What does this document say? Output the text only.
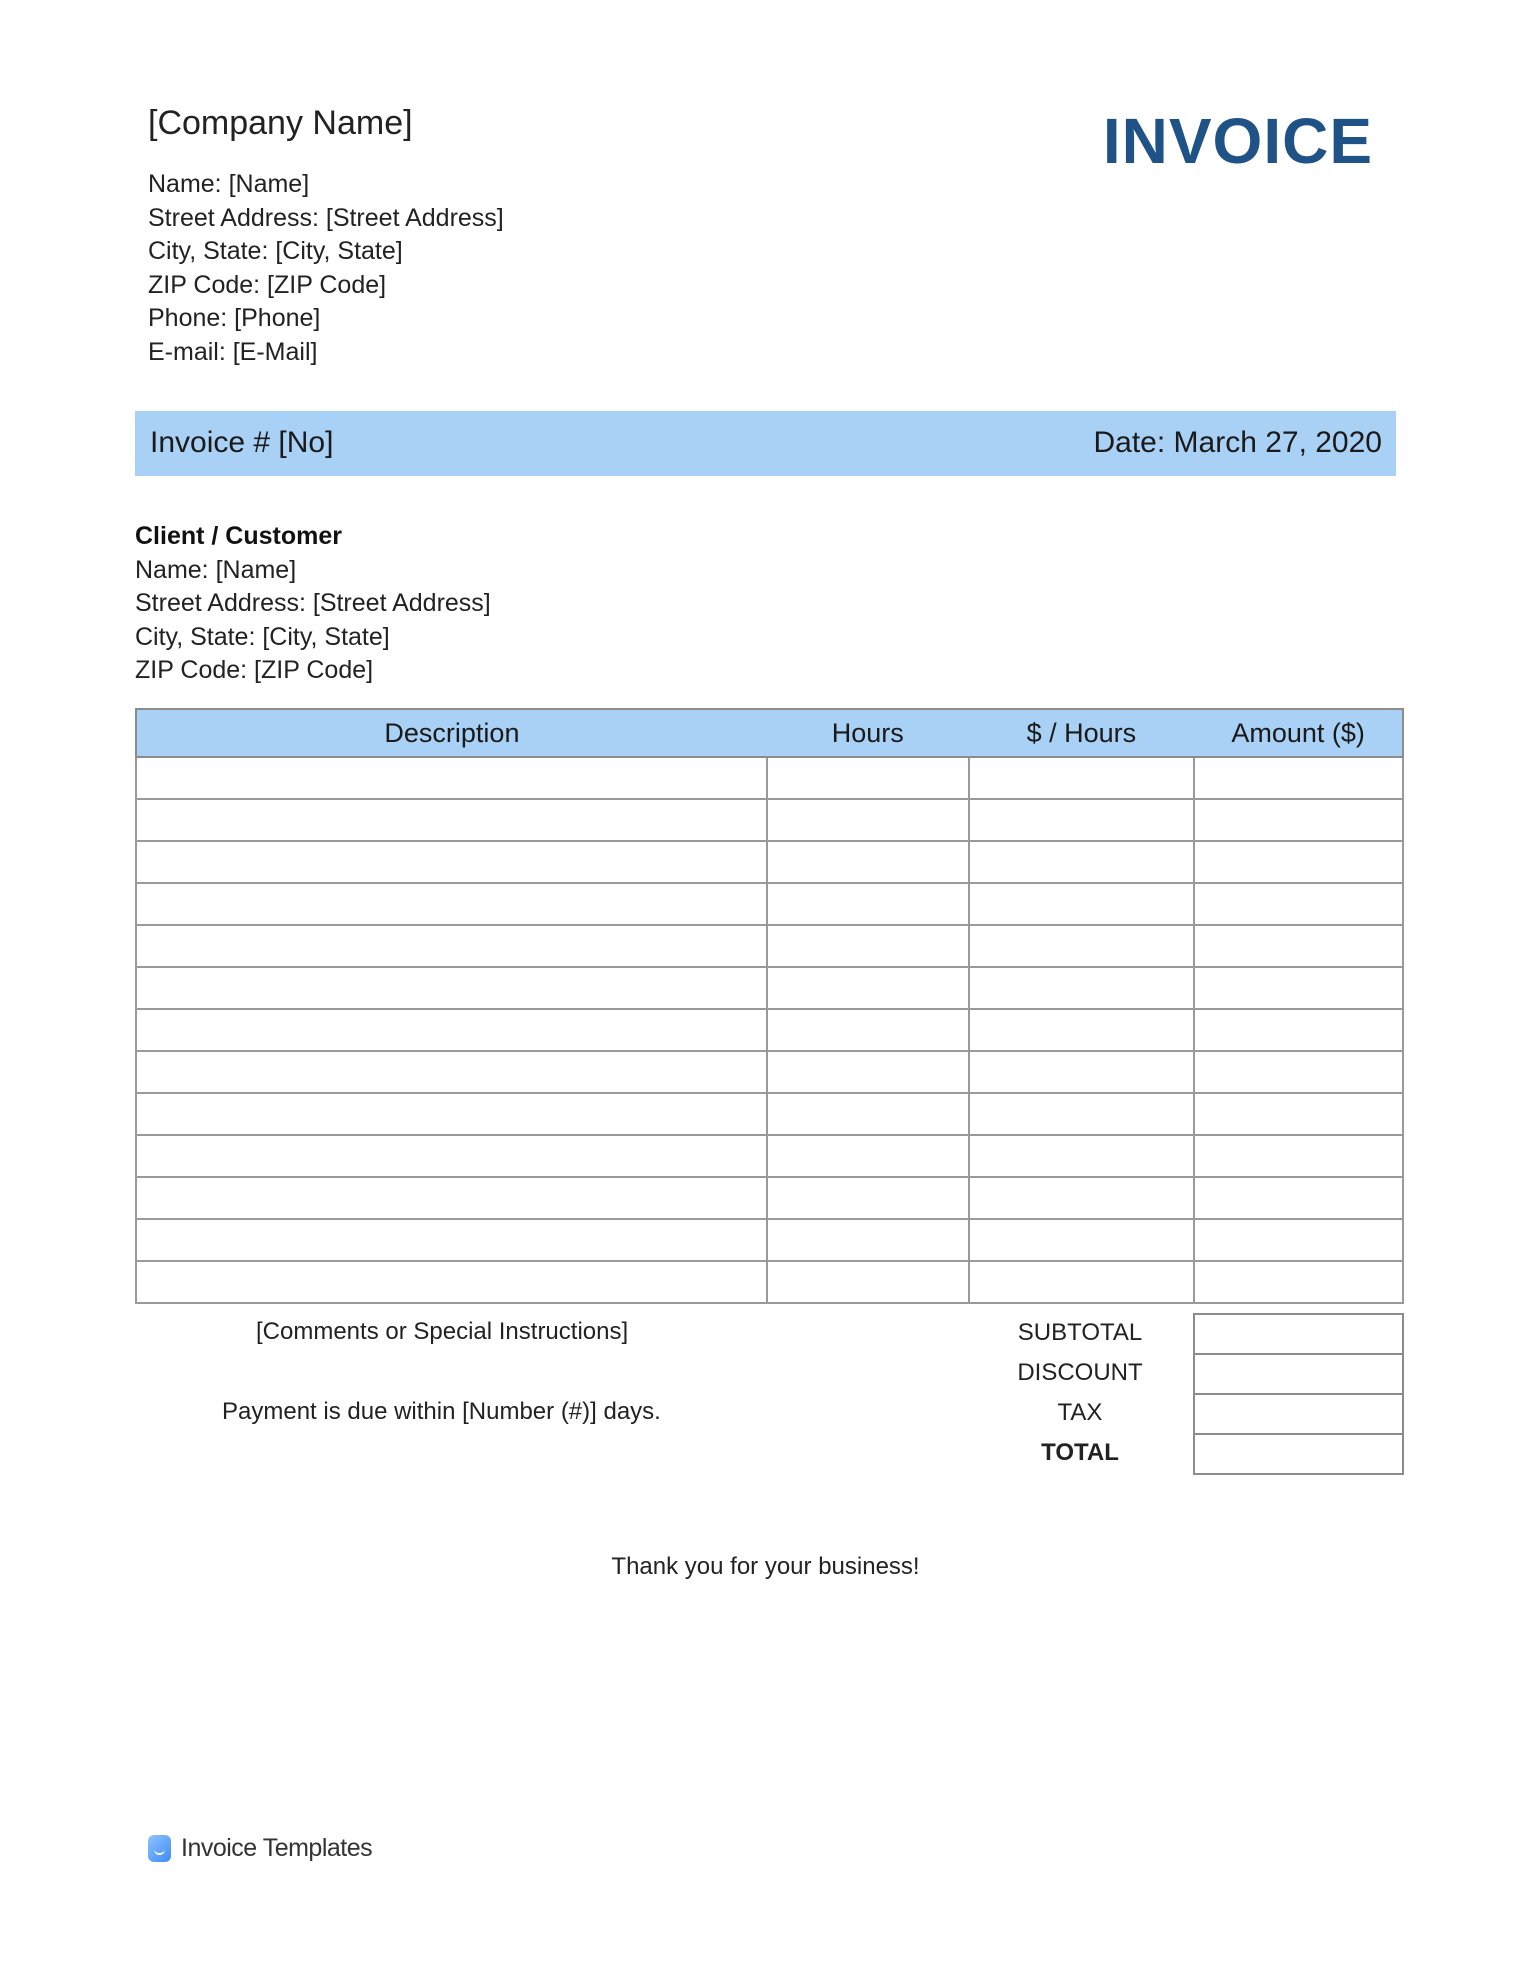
[Company Name]	INVOICE
Name: [Name]
Street Address: [Street Address]
City, State: [City, State]
ZIP Code: [ZIP Code]
Phone: [Phone]
E-mail: [E-Mail]
Invoice # [No]	Date: March 27, 2020
Client / Customer
Name: [Name]
Street Address: [Street Address]
City, State: [City, State]
ZIP Code: [ZIP Code]
Description	Hours	$ / Hours	Amount ($)

[Comments or Special Instructions]
Payment is due within [Number (#)] days.
SUBTOTAL
DISCOUNT
TAX
TOTAL
Thank you for your business!
Invoice Templates
